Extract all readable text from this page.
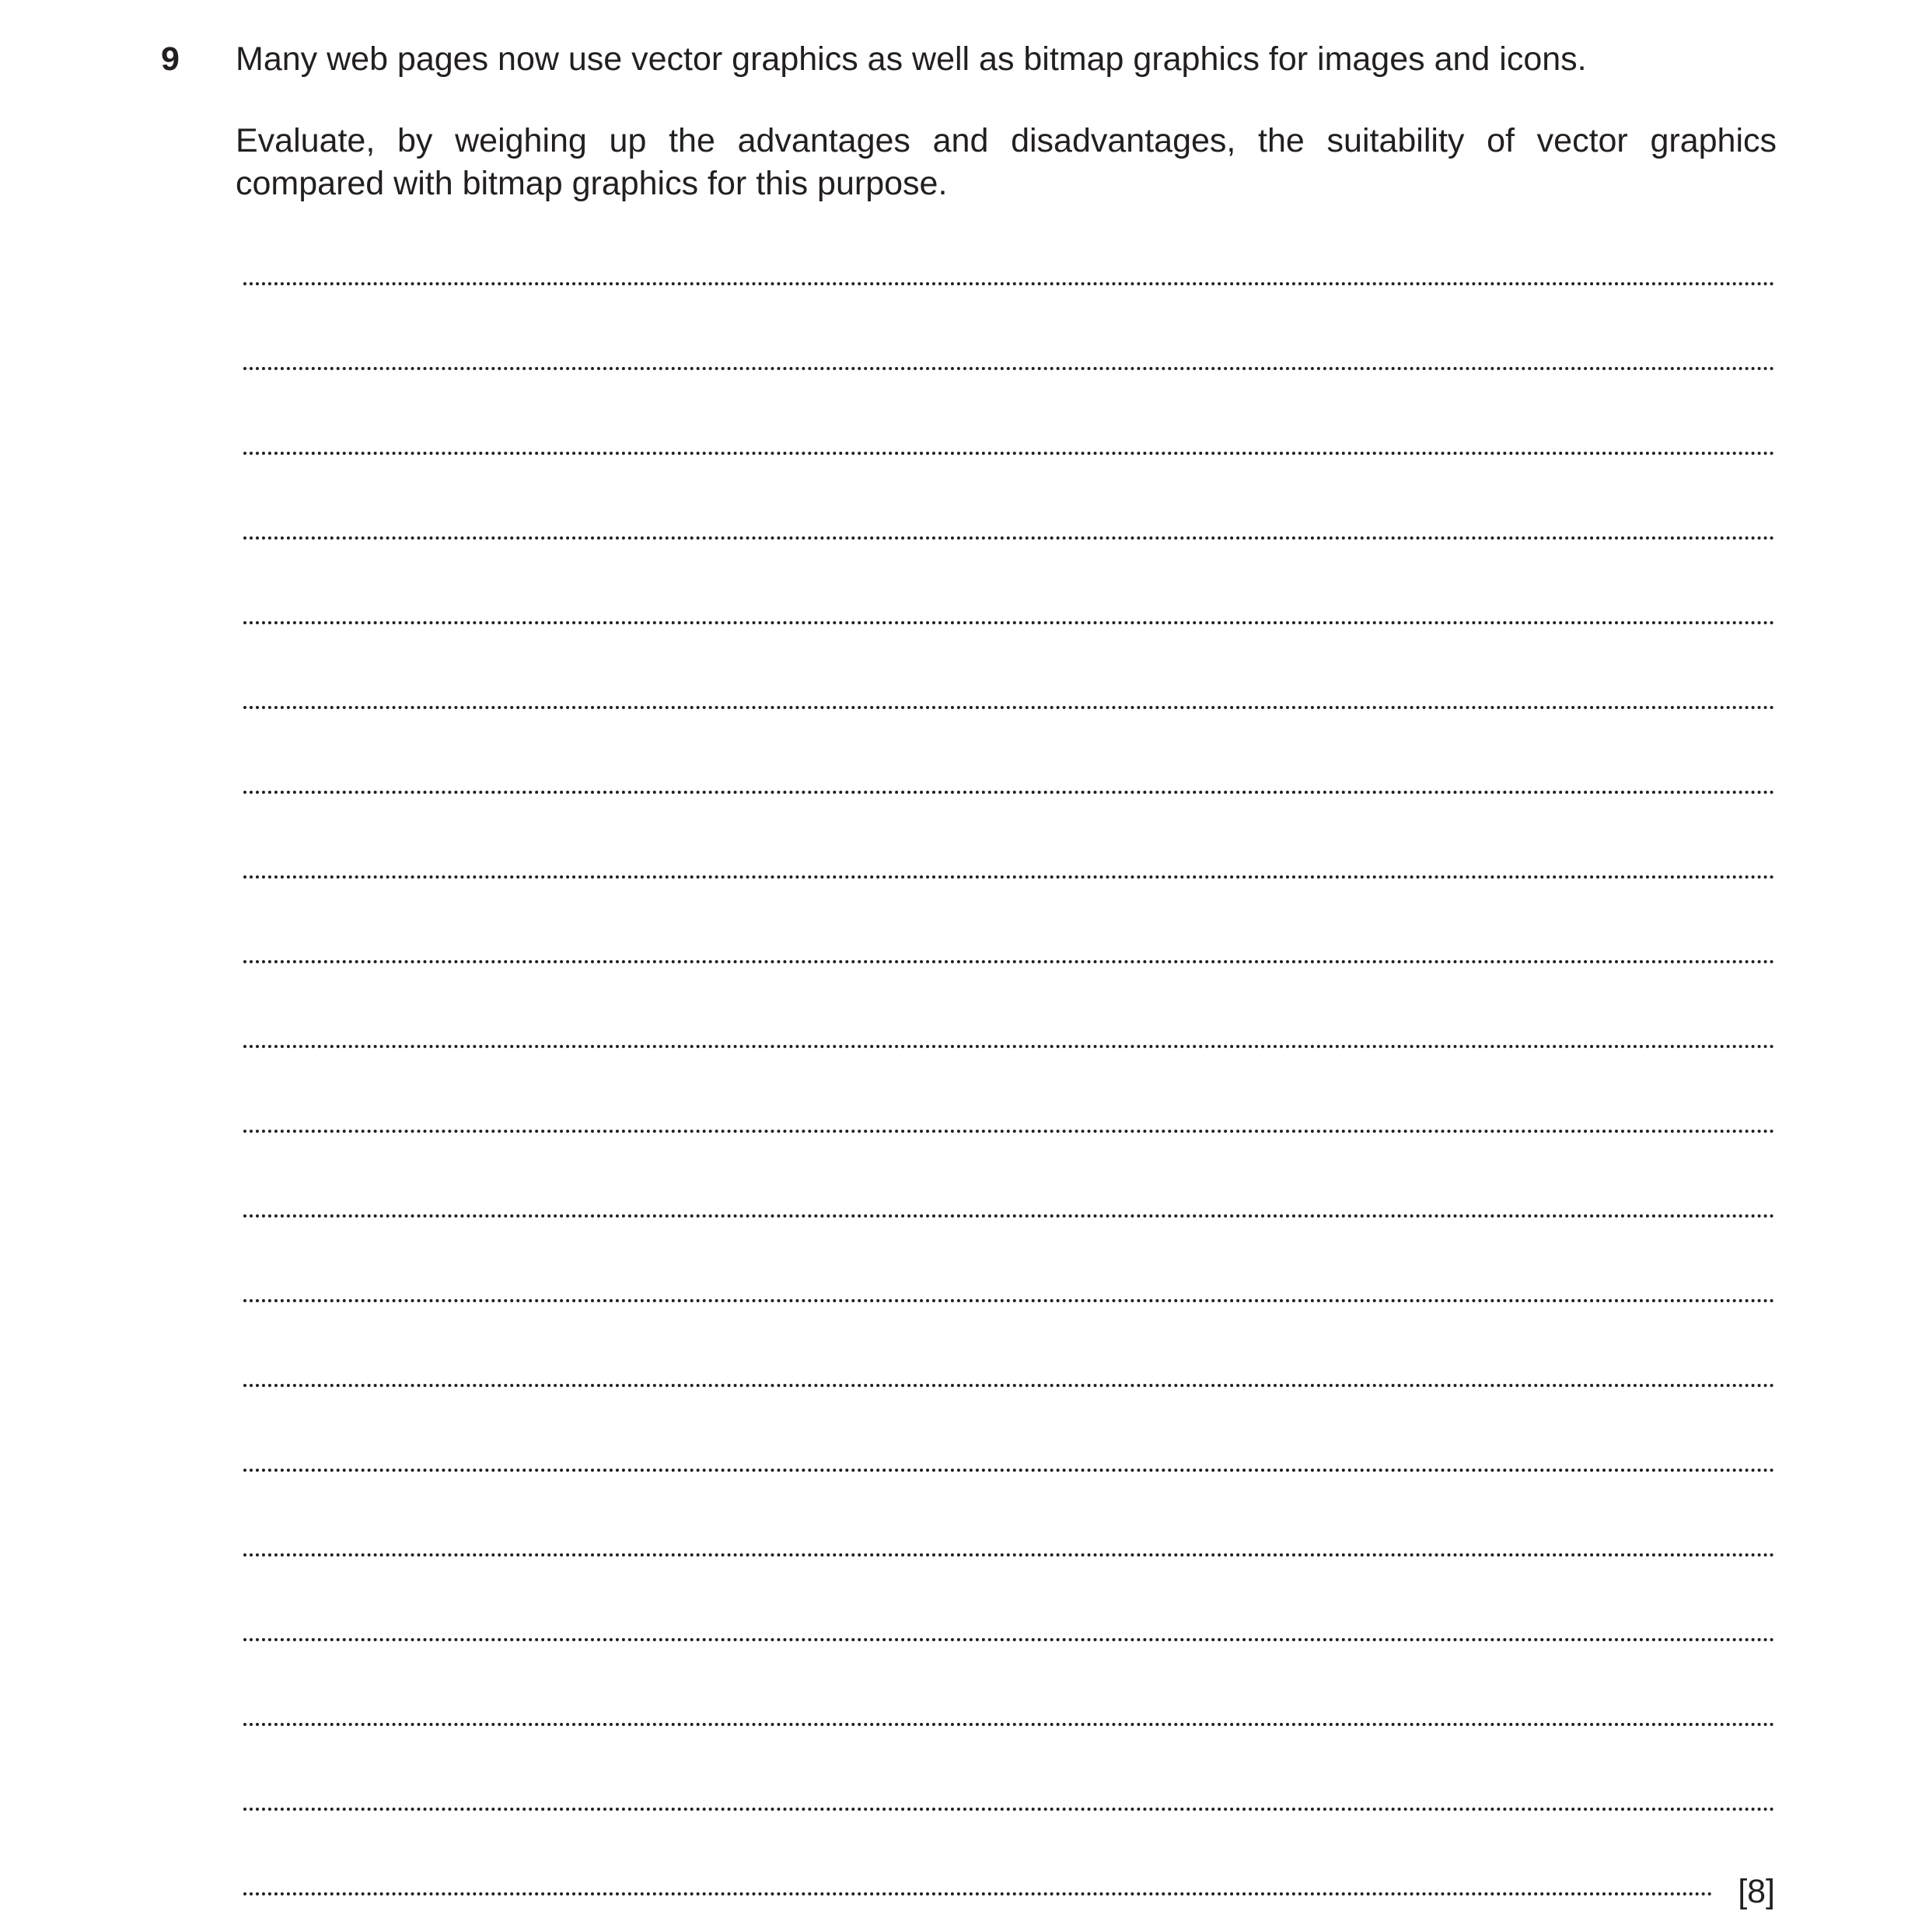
9 Many web pages now use vector graphics as well as bitmap graphics for images and icons.

Evaluate, by weighing up the advantages and disadvantages, the suitability of vector graphics compared with bitmap graphics for this purpose.

[8]
